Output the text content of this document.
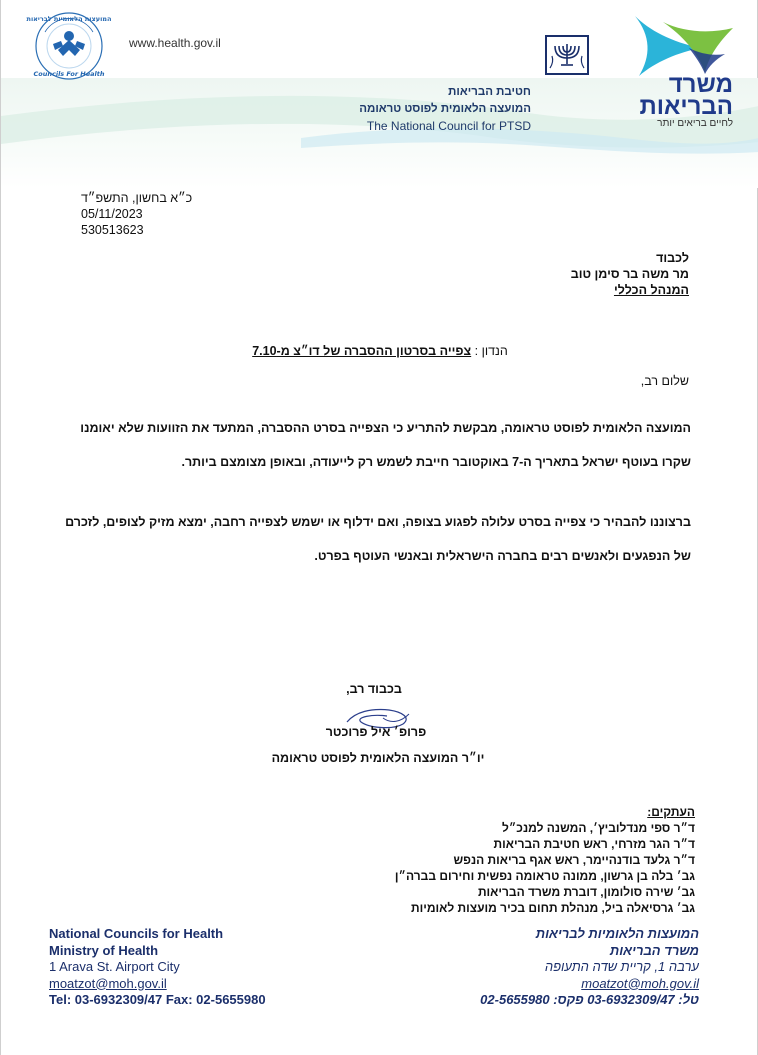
המועצות הלאומיות לבריאות
Councils For Health
www.health.gov.il
משרד
הבריאות
לחיים בריאים יותר
חטיבת הבריאות
המועצה הלאומית לפוסט טראומה
The National Council for PTSD
כ״א בחשון, התשפ״ד
05/11/2023
530513623
לכבוד
מר משה בר סימן טוב
המנהל הכללי
הנדון : צפייה בסרטון ההסברה של דו״צ מ-7.10
שלום רב,
המועצה הלאומית לפוסט טראומה, מבקשת להתריע כי הצפייה בסרט ההסברה, המתעד את הזוועות שלא יאומנו שקרו בעוטף ישראל בתאריך ה-7 באוקטובר חייבת לשמש רק לייעודה, ובאופן מצומצם ביותר.
ברצוננו להבהיר כי צפייה בסרט עלולה לפגוע בצופה, ואם ידלוף או ישמש לצפייה רחבה, ימצא מזיק לצופים, לזכרם של הנפגעים ולאנשים רבים בחברה הישראלית ובאנשי העוטף בפרט.
בכבוד רב,
פרופ׳ איל פרוכטר
יו״ר המועצה הלאומית לפוסט טראומה
העתקים:
ד״ר ספי מנדלוביץ׳, המשנה למנכ״ל
ד״ר הגר מזרחי, ראש חטיבת הבריאות
ד״ר גלעד בודנהיימר, ראש אגף בריאות הנפש
גב׳ בלה בן גרשון, ממונה טראומה נפשית וחירום בברה״ן
גב׳ שירה סולומון, דוברת משרד הבריאות
גב׳ גרסיאלה ביל, מנהלת תחום בכיר מועצות לאומיות
National Councils for Health
Ministry of Health
1 Arava St. Airport City
moatzot@moh.gov.il
Tel: 03-6932309/47 Fax: 02-5655980
המועצות הלאומיות לבריאות
משרד הבריאות
ערבה 1, קריית שדה התעופה
moatzot@moh.gov.il
טל: 03-6932309/47 פקס: 02-5655980
